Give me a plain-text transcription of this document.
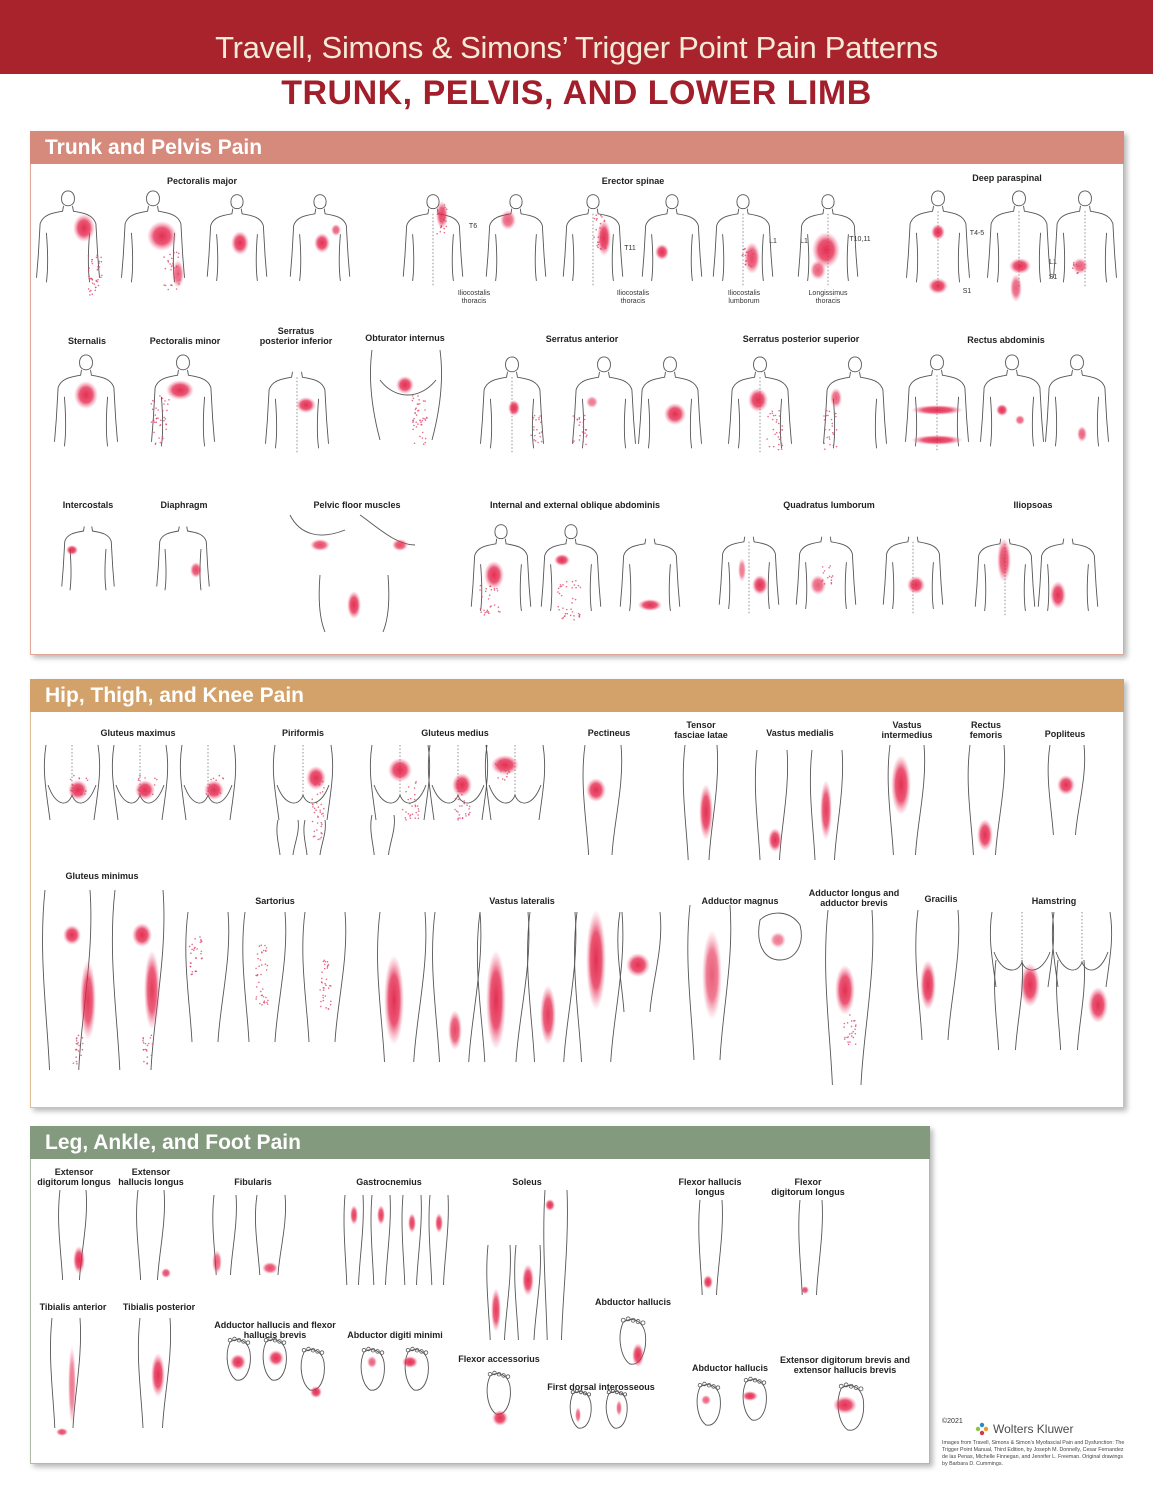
Travell, Simons & Simons’ Trigger Point Pain Patterns
TRUNK, PELVIS, AND LOWER LIMB
Trunk and Pelvis Pain
Hip, Thigh, and Knee Pain
Leg, Ankle, and Foot Pain
Pectoralis major	Erector spinae	Deep paraspinal
Sternalis	Pectoralis minor
Serratus
posterior inferior	Obturator internus	Serratus anterior	Serratus posterior superior	Rectus abdominis
Intercostals	Diaphragm	Pelvic floor muscles	Internal and external oblique abdominis	Quadratus lumborum	Iliopsoas
Gluteus maximus	Piriformis	Gluteus medius	Pectineus
Tensor
fasciae latae	Vastus medialis
Vastus
intermedius
Rectus
femoris	Popliteus
Gluteus minimus
Sartorius	Vastus lateralis	Adductor magnus
Adductor longus and
adductor brevis	Gracilis	Hamstring
Extensor
digitorum longus
Extensor
hallucis longus	Fibularis	Gastrocnemius	Soleus	Flexor hallucis
longus
Flexor
digitorum longus
Tibialis anterior Tibialis posterior
Adductor hallucis and flexor
hallucis brevis	Abductor digiti minimi
Abductor hallucis
Flexor accessorius
First dorsal interosseous
Abductor hallucis
Extensor digitorum brevis and
extensor hallucis brevis
Iliocostalis
thoracis
Iliocostalis
thoracis
Iliocostalis
lumborum
Longissimus
thoracis
T6
T11
L1	L1	T10,11
T4-5
L1
S1
S1
©2021
Wolters Kluwer
Images from Travell, Simons & Simon’s Myofascial Pain and Dysfunction: The Trigger Point Manual, Third Edition, by Joseph M. Donnelly, Cesar Fernandez de las Penas, Michelle Finnegan, and Jennifer L. Freeman. Original drawings by Barbara D. Cummings.
